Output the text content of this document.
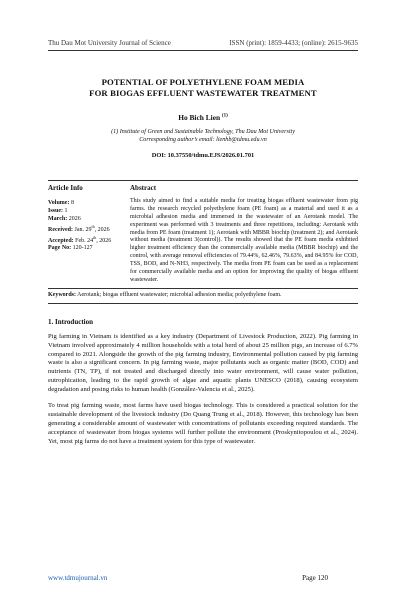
Thu Dau Mot University Journal of Science	ISSN (print): 1859-4433; (online): 2615-9635
POTENTIAL OF POLYETHYLENE FOAM MEDIA
FOR BIOGAS EFFLUENT WASTEWATER TREATMENT
Ho Bich Lien $^{(1)}$
(1) Institute of Green and Sustainable Technology, Thu Dau Mot University
Corresponding author’s email: lienhb@tdmu.edu.vn
DOI: 10.37550/tdmu.EJS/2026.01.701
Article Info
Volume: 8
Issue: 1
March: 2026
Received: Jan. 29th, 2026
Accepted: Feb. 24th, 2026
Page No: 120-127
Abstract
This study aimed to find a suitable media for treating biogas effluent wastewater from pig farms. the research recycled polyethylene foam (PE foam) as a material and used it as a microbial adhesion media and immersed in the wastewater of an Aerotank model. The experiment was performed with 3 treatments and three repetitions, including: Aerotank with media from PE foam (treatment 1); Aerotank with MBBR biochip (treatment 2); and Aerotank without media (treatment 3(control)). The results showed that the PE foam media exhibited higher treatment efficiency than the commercially available media (MBBR biochip) and the control, with average removal efficiencies of 79.44%, 62.46%, 79.63%, and 84.95% for COD, TSS, BOD, and N-NH3, respectively. The media from PE foam can be used as a replacement for commercially available media and an option for improving the quality of biogas effluent wastewater.
Keywords: Aerotank; biogas effluent wastewater; microbial adhesion media; polyethylene foam.
1. Introduction
Pig farming in Vietnam is identified as a key industry (Department of Livestock Production, 2022). Pig farming in Vietnam involved approximately 4 million households with a total herd of about 25 million pigs, an increase of 6.7% compared to 2021. Alongside the growth of the pig farming industry, Environmental pollution caused by pig farming waste is also a significant concern. In pig farming waste, major pollutants such as organic matter (BOD, COD) and nutrients (TN, TP), if not treated and discharged directly into water environment, will cause water pollution, eutrophication, leading to the rapid growth of algae and aquatic plants UNESCO (2018), causing ecosystem degradation and posing risks to human health (González-Valencia et al., 2025).
To treat pig farming waste, most farms have used biogas technology. This is considered a practical solution for the sustainable development of the livestock industry (Do Quang Trung et al., 2018). However, this technology has been generating a considerable amount of wastewater with concentrations of pollutants exceeding required standards. The acceptance of wastewater from biogas systems will further pollute the environment (Proskynitopoulou et al., 2024). Yet, most pig farms do not have a treatment system for this type of wastewater.
www.tdmujournal.vn	Page 120
